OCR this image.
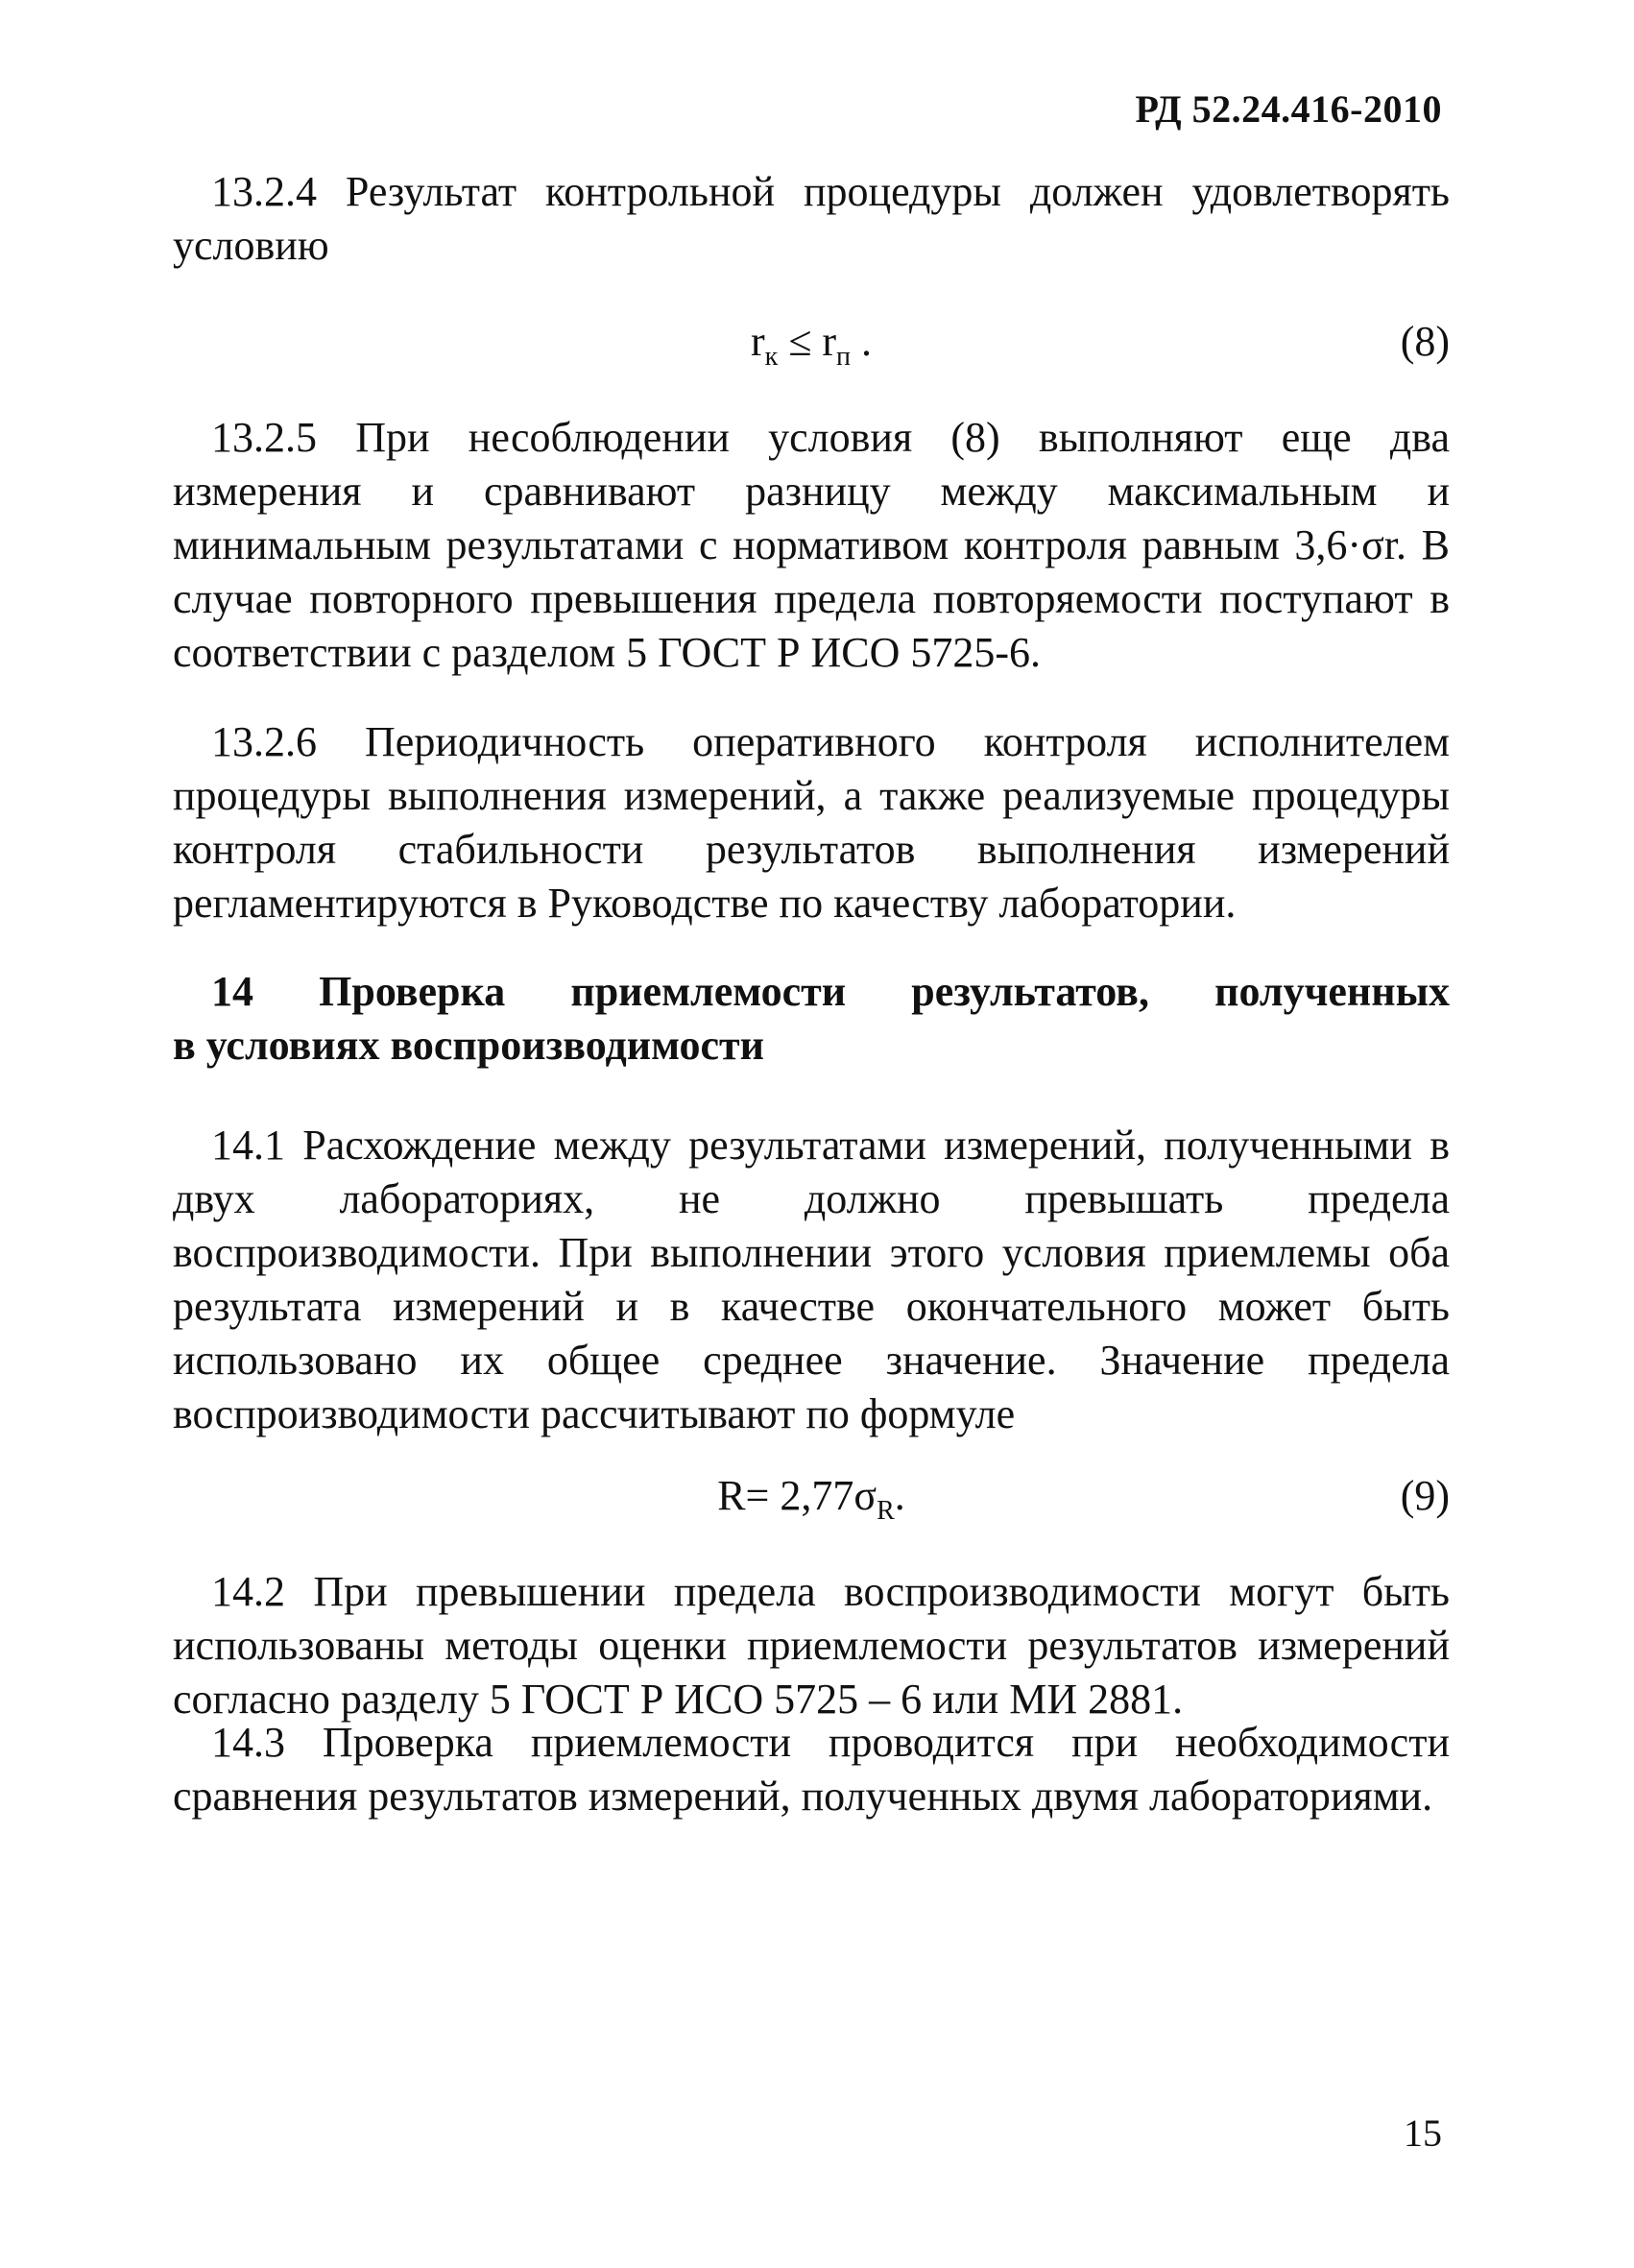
РД 52.24.416-2010

13.2.4 Результат контрольной процедуры должен удовлетворять условию

$r_к \le r_п$ .	(8)

13.2.5 При несоблюдении условия (8) выполняют еще два измерения и сравнивают разницу между максимальным и минимальным результатами с нормативом контроля равным 3,6·σr. В случае повторного превышения предела повторяемости поступают в соответствии с разделом 5 ГОСТ Р ИСО 5725-6.

13.2.6 Периодичность оперативного контроля исполнителем процедуры выполнения измерений, а также реализуемые процедуры контроля стабильности результатов выполнения измерений регламентируются в Руководстве по качеству лаборатории.

14 Проверка приемлемости результатов, полученных
в условиях воспроизводимости

14.1 Расхождение между результатами измерений, полученными в двух лабораториях, не должно превышать предела воспроизводимости. При выполнении этого условия приемлемы оба результата измерений и в качестве окончательного может быть использовано их общее среднее значение. Значение предела воспроизводимости рассчитывают по формуле

$R= 2,77\sigma_R$.	(9)

14.2 При превышении предела воспроизводимости могут быть использованы методы оценки приемлемости результатов измерений согласно разделу 5 ГОСТ Р ИСО 5725 – 6 или МИ 2881.

14.3 Проверка приемлемости проводится при необходимости сравнения результатов измерений, полученных двумя лабораториями.

15
